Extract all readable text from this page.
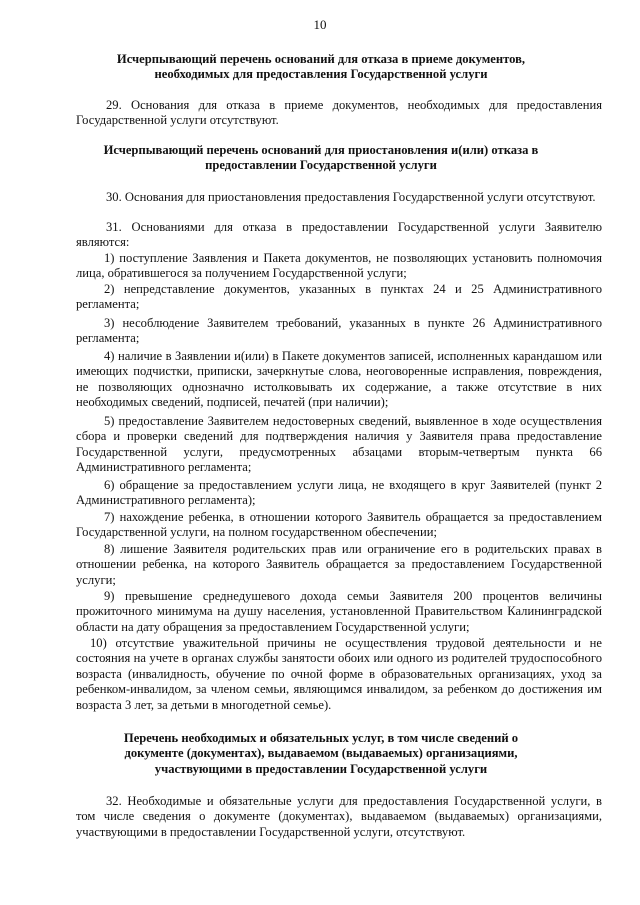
10
Исчерпывающий перечень оснований для отказа в приеме документов, необходимых для предоставления Государственной услуги
29. Основания для отказа в приеме документов, необходимых для предоставления Государственной услуги отсутствуют.
Исчерпывающий перечень оснований для приостановления и(или) отказа в предоставлении Государственной услуги
30. Основания для приостановления предоставления Государственной услуги отсутствуют.
31. Основаниями для отказа в предоставлении Государственной услуги Заявителю являются:
1) поступление Заявления и Пакета документов, не позволяющих установить полномочия лица, обратившегося за получением Государственной услуги;
2) непредставление документов, указанных в пунктах 24 и 25 Административного регламента;
3) несоблюдение Заявителем требований, указанных в пункте 26 Административного регламента;
4) наличие в Заявлении и(или) в Пакете документов записей, исполненных карандашом или имеющих подчистки, приписки, зачеркнутые слова, неоговоренные исправления, повреждения, не позволяющих однозначно истолковывать их содержание, а также отсутствие в них необходимых сведений, подписей, печатей (при наличии);
5) предоставление Заявителем недостоверных сведений, выявленное в ходе осуществления сбора и проверки сведений для подтверждения наличия у Заявителя права предоставление Государственной услуги, предусмотренных абзацами вторым-четвертым пункта 66 Административного регламента;
6) обращение за предоставлением услуги лица, не входящего в круг Заявителей (пункт 2 Административного регламента);
7) нахождение ребенка, в отношении которого Заявитель обращается за предоставлением Государственной услуги, на полном государственном обеспечении;
8) лишение Заявителя родительских прав или ограничение его в родительских правах в отношении ребенка, на которого Заявитель обращается за предоставлением Государственной услуги;
9) превышение среднедушевого дохода семьи Заявителя 200 процентов величины прожиточного минимума на душу населения, установленной Правительством Калининградской области на дату обращения за предоставлением Государственной услуги;
10) отсутствие уважительной причины не осуществления трудовой деятельности и не состояния на учете в органах службы занятости обоих или одного из родителей трудоспособного возраста (инвалидность, обучение по очной форме в образовательных организациях, уход за ребенком-инвалидом, за членом семьи, являющимся инвалидом, за ребенком до достижения им возраста 3 лет, за детьми в многодетной семье).
Перечень необходимых и обязательных услуг, в том числе сведений о документе (документах), выдаваемом (выдаваемых) организациями, участвующими в предоставлении Государственной услуги
32. Необходимые и обязательные услуги для предоставления Государственной услуги, в том числе сведения о документе (документах), выдаваемом (выдаваемых) организациями, участвующими в предоставлении Государственной услуги, отсутствуют.
